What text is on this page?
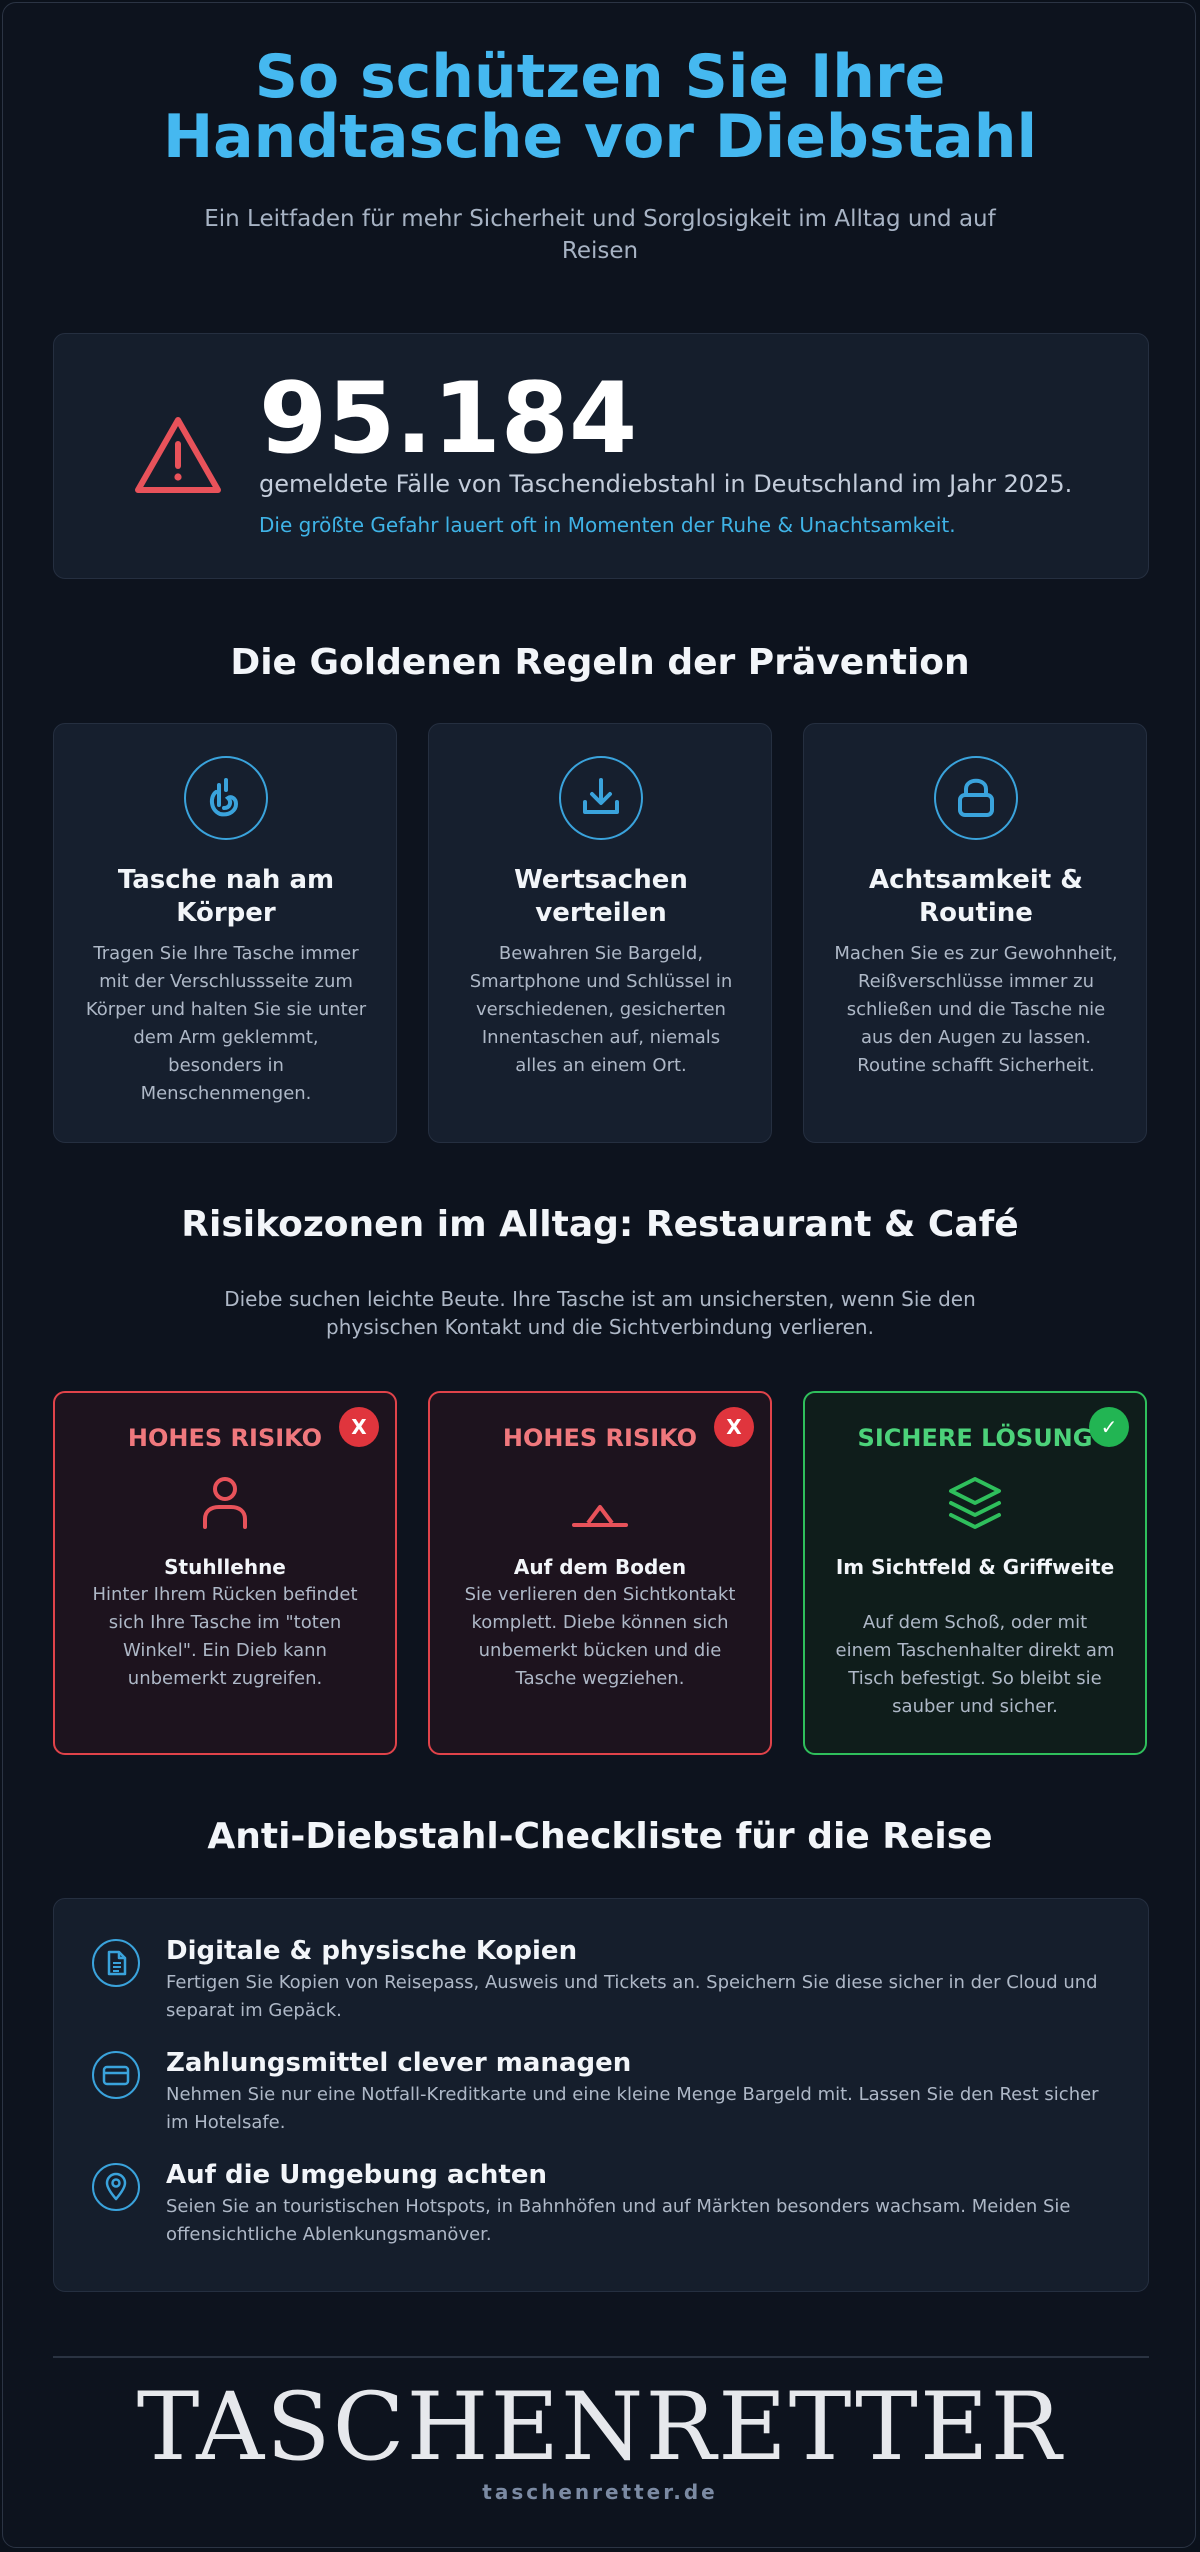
So schützen Sie Ihre
Handtasche vor Diebstahl
Ein Leitfaden für mehr Sicherheit und Sorglosigkeit im Alltag und auf Reisen
95.184
gemeldete Fälle von Taschendiebstahl in Deutschland im Jahr 2025.
Die größte Gefahr lauert oft in Momenten der Ruhe & Unachtsamkeit.
Die Goldenen Regeln der Prävention
Tasche nah am Körper
Tragen Sie Ihre Tasche immer mit der Verschlussseite zum Körper und halten Sie sie unter dem Arm geklemmt, besonders in Menschenmengen.
Wertsachen verteilen
Bewahren Sie Bargeld, Smartphone und Schlüssel in verschiedenen, gesicherten Innentaschen auf, niemals alles an einem Ort.
Achtsamkeit & Routine
Machen Sie es zur Gewohnheit, Reißverschlüsse immer zu schließen und die Tasche nie aus den Augen zu lassen. Routine schafft Sicherheit.
Risikozonen im Alltag: Restaurant & Café
Diebe suchen leichte Beute. Ihre Tasche ist am unsichersten, wenn Sie den physischen Kontakt und die Sichtverbindung verlieren.
X
HOHES RISIKO
Stuhllehne
Hinter Ihrem Rücken befindet sich Ihre Tasche im "toten Winkel". Ein Dieb kann unbemerkt zugreifen.
X
HOHES RISIKO
Auf dem Boden
Sie verlieren den Sichtkontakt komplett. Diebe können sich unbemerkt bücken und die Tasche wegziehen.
✓
SICHERE LÖSUNG
Im Sichtfeld & Griffweite
Auf dem Schoß, oder mit einem Taschenhalter direkt am Tisch befestigt. So bleibt sie sauber und sicher.
Anti-Diebstahl-Checkliste für die Reise
Digitale & physische Kopien
Fertigen Sie Kopien von Reisepass, Ausweis und Tickets an. Speichern Sie diese sicher in der Cloud und separat im Gepäck.
Zahlungsmittel clever managen
Nehmen Sie nur eine Notfall-Kreditkarte und eine kleine Menge Bargeld mit. Lassen Sie den Rest sicher im Hotelsafe.
Auf die Umgebung achten
Seien Sie an touristischen Hotspots, in Bahnhöfen und auf Märkten besonders wachsam. Meiden Sie offensichtliche Ablenkungsmanöver.
TASCHENRETTER
taschenretter.de
